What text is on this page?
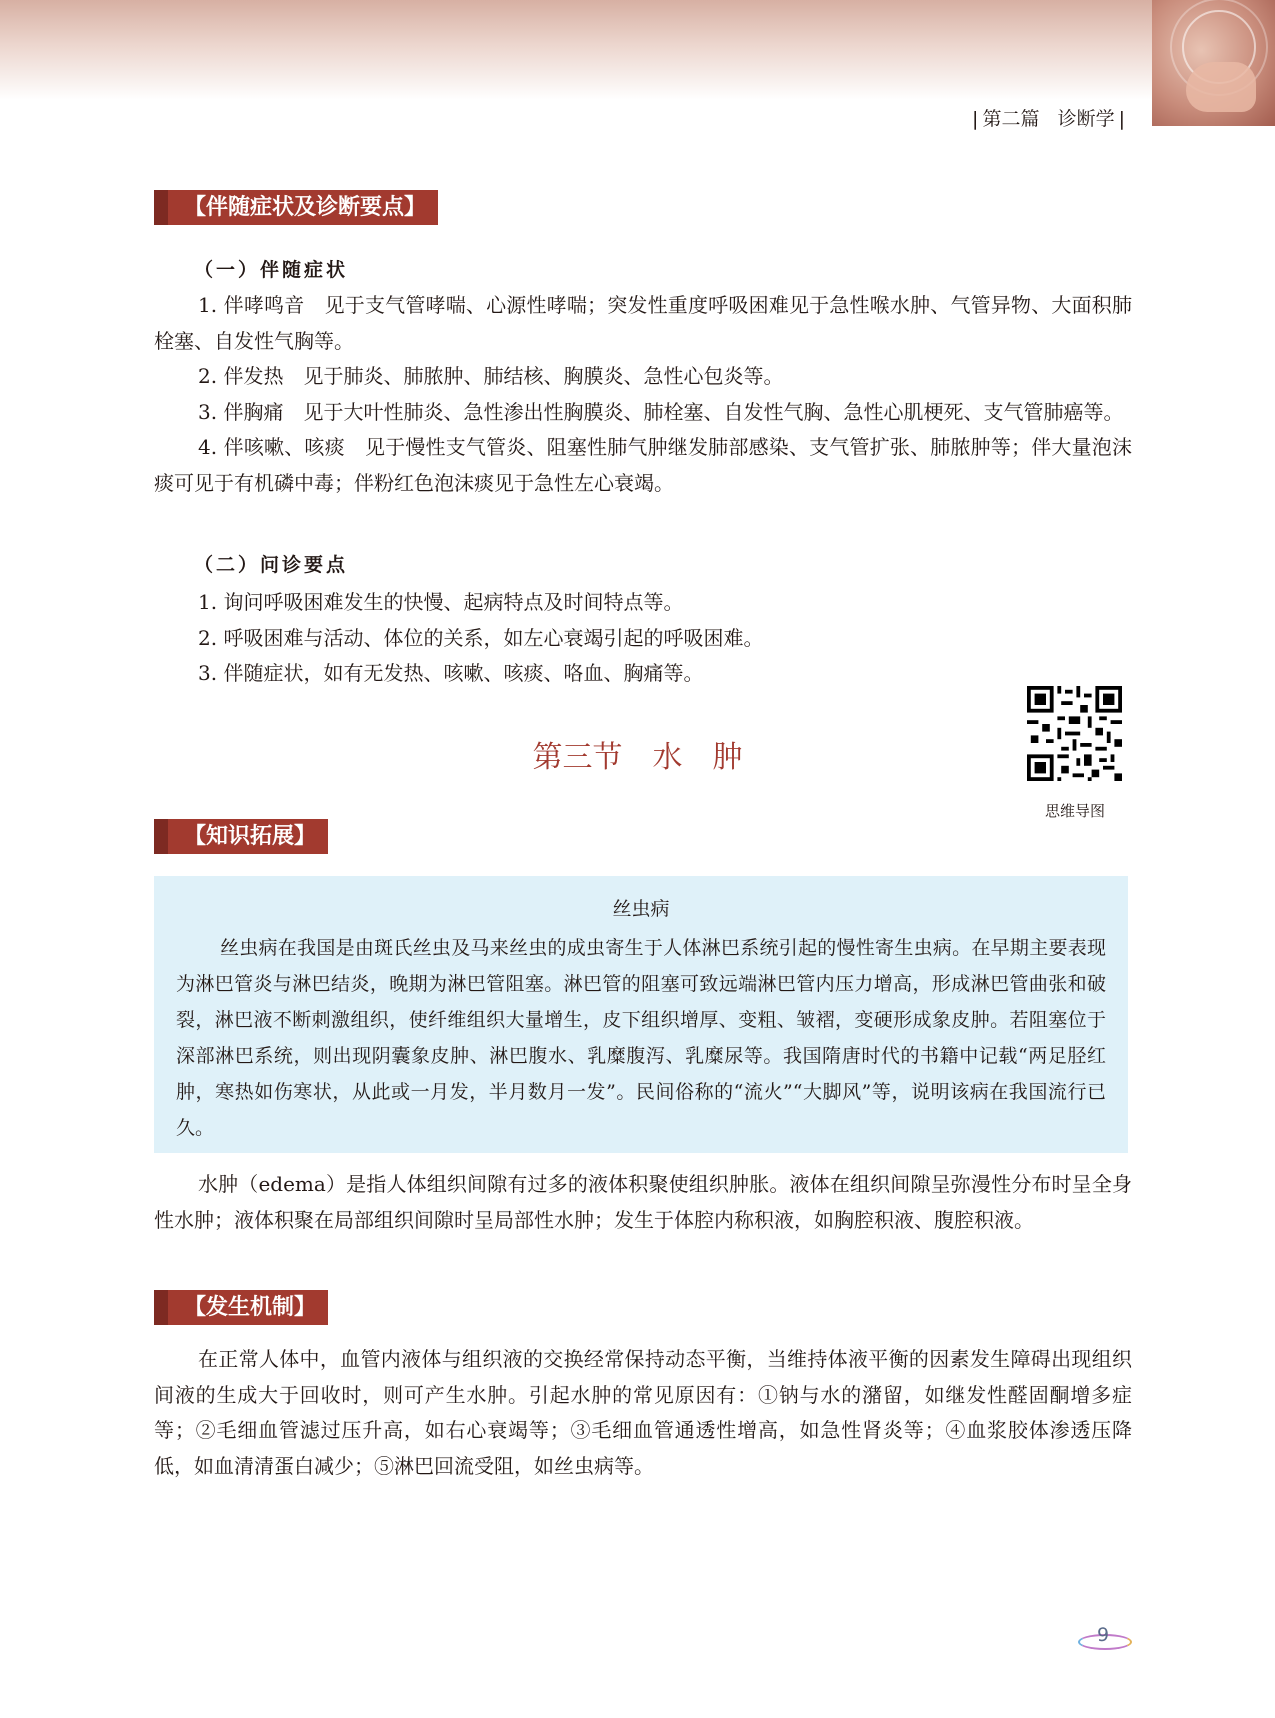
| 第二篇 诊断学 |
【伴随症状及诊断要点】
（一）伴随症状

1. 伴哮鸣音　见于支气管哮喘、心源性哮喘；突发性重度呼吸困难见于急性喉水肿、气管异物、大面积肺栓塞、自发性气胸等。

2. 伴发热　见于肺炎、肺脓肿、肺结核、胸膜炎、急性心包炎等。

3. 伴胸痛　见于大叶性肺炎、急性渗出性胸膜炎、肺栓塞、自发性气胸、急性心肌梗死、支气管肺癌等。

4. 伴咳嗽、咳痰　见于慢性支气管炎、阻塞性肺气肿继发肺部感染、支气管扩张、肺脓肿等；伴大量泡沫痰可见于有机磷中毒；伴粉红色泡沫痰见于急性左心衰竭。

（二）问诊要点

1. 询问呼吸困难发生的快慢、起病特点及时间特点等。

2. 呼吸困难与活动、体位的关系，如左心衰竭引起的呼吸困难。

3. 伴随症状，如有无发热、咳嗽、咳痰、咯血、胸痛等。

第三节　水　肿
思维导图
【知识拓展】
丝虫病
丝虫病在我国是由斑氏丝虫及马来丝虫的成虫寄生于人体淋巴系统引起的慢性寄生虫病。在早期主要表现为淋巴管炎与淋巴结炎，晚期为淋巴管阻塞。淋巴管的阻塞可致远端淋巴管内压力增高，形成淋巴管曲张和破裂，淋巴液不断刺激组织，使纤维组织大量增生，皮下组织增厚、变粗、皱褶，变硬形成象皮肿。若阻塞位于深部淋巴系统，则出现阴囊象皮肿、淋巴腹水、乳糜腹泻、乳糜尿等。我国隋唐时代的书籍中记载“两足胫红肿，寒热如伤寒状，从此或一月发，半月数月一发”。民间俗称的“流火”“大脚风”等，说明该病在我国流行已久。

水肿（edema）是指人体组织间隙有过多的液体积聚使组织肿胀。液体在组织间隙呈弥漫性分布时呈全身性水肿；液体积聚在局部组织间隙时呈局部性水肿；发生于体腔内称积液，如胸腔积液、腹腔积液。

【发生机制】

在正常人体中，血管内液体与组织液的交换经常保持动态平衡，当维持体液平衡的因素发生障碍出现组织间液的生成大于回收时，则可产生水肿。引起水肿的常见原因有：①钠与水的潴留，如继发性醛固酮增多症等；②毛细血管滤过压升高，如右心衰竭等；③毛细血管通透性增高，如急性肾炎等；④血浆胶体渗透压降低，如血清清蛋白减少；⑤淋巴回流受阻，如丝虫病等。

9
